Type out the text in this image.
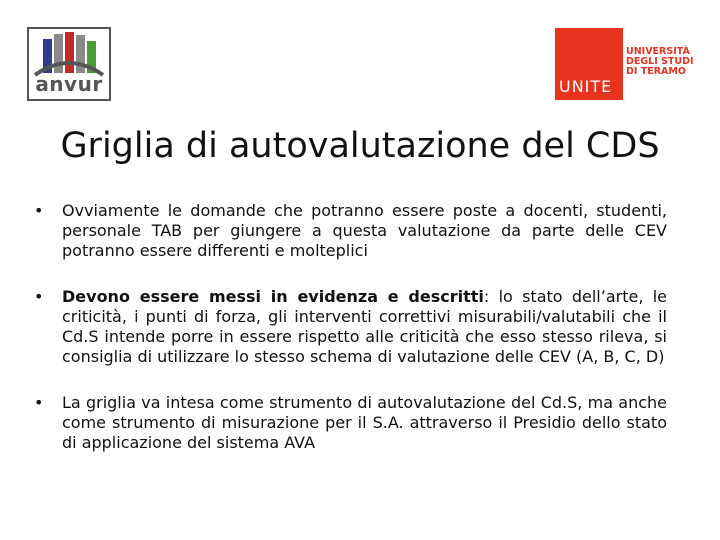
anvur	UNITE
UNIVERSITÀ
DEGLI STUDI
DI TERAMO
Griglia di autovalutazione del CDS
• Ovviamente le domande che potranno essere poste a docenti, studenti, personale TAB per giungere a questa valutazione da parte delle CEV potranno essere differenti e molteplici
• Devono essere messi in evidenza e descritti: lo stato dell’arte, le criticità, i punti di forza, gli interventi correttivi misurabili/valutabili che il Cd.S intende porre in essere rispetto alle criticità che esso stesso rileva, si consiglia di utilizzare lo stesso schema di valutazione delle CEV (A, B, C, D)
• La griglia va intesa come strumento di autovalutazione del Cd.S, ma anche come strumento di misurazione per il S.A. attraverso il Presidio dello stato di applicazione del sistema AVA
